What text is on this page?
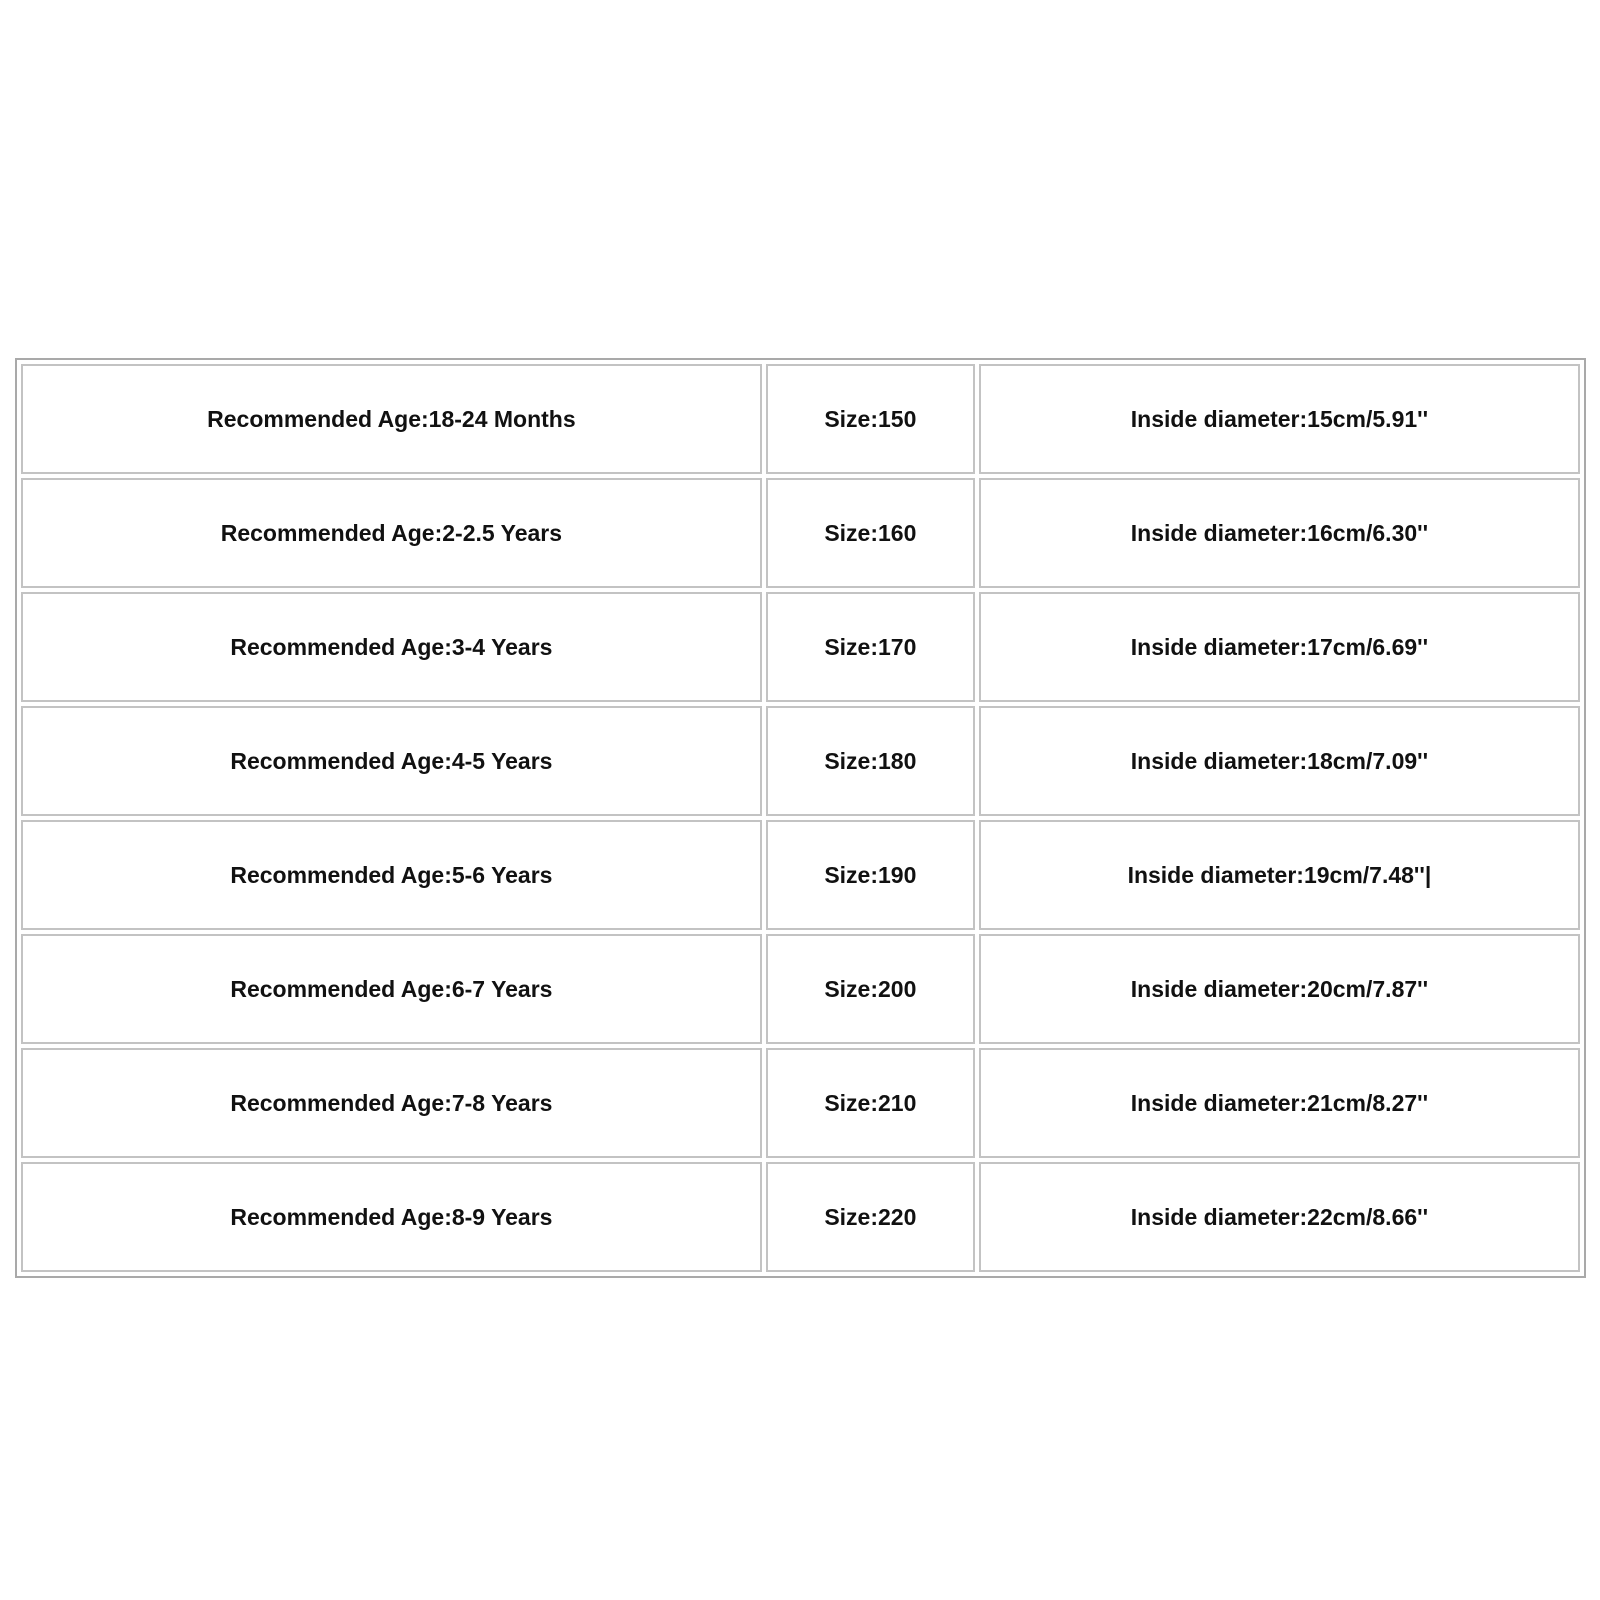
Recommended Age:18-24 Months	Size:150	Inside diameter:15cm/5.91''
Recommended Age:2-2.5 Years	Size:160	Inside diameter:16cm/6.30''
Recommended Age:3-4 Years	Size:170	Inside diameter:17cm/6.69''
Recommended Age:4-5 Years	Size:180	Inside diameter:18cm/7.09''
Recommended Age:5-6 Years	Size:190	Inside diameter:19cm/7.48''|
Recommended Age:6-7 Years	Size:200	Inside diameter:20cm/7.87''
Recommended Age:7-8 Years	Size:210	Inside diameter:21cm/8.27''
Recommended Age:8-9 Years	Size:220	Inside diameter:22cm/8.66''
